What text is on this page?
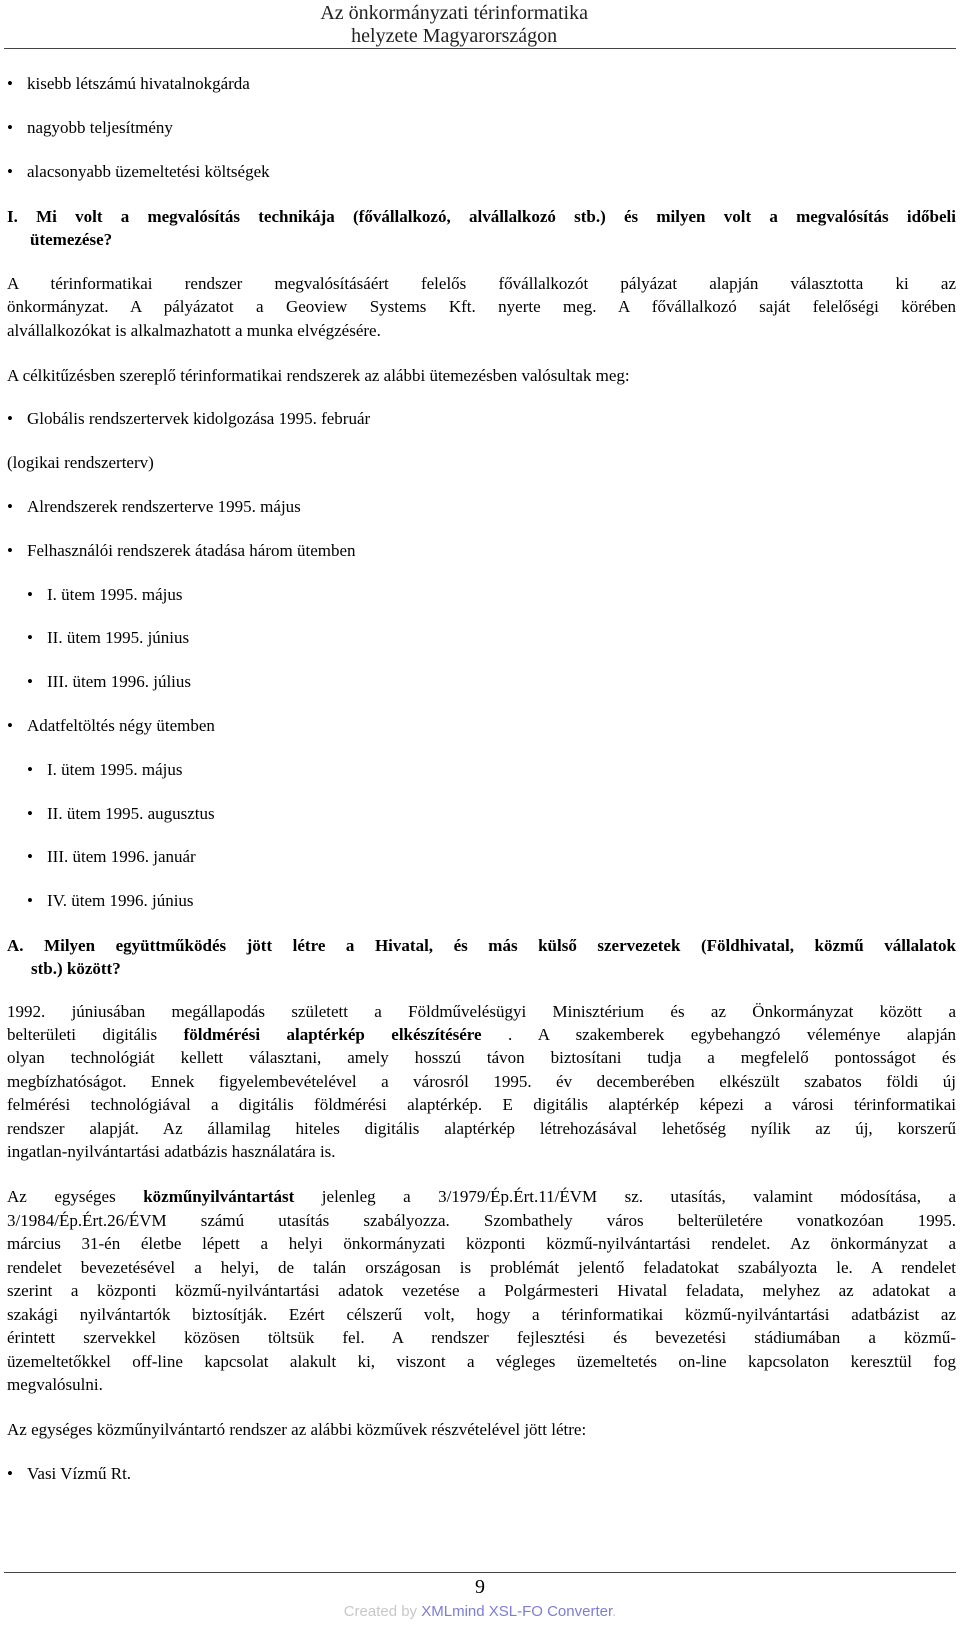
Az önkormányzati térinformatika
helyzete Magyarországon
• kisebb létszámú hivatalnokgárda
• nagyobb teljesítmény
• alacsonyabb üzemeltetési költségek
I. Mi volt a megvalósítás technikája (fővállalkozó, alvállalkozó stb.) és milyen volt a megvalósítás időbeli
ütemezése?
A térinformatikai rendszer megvalósításáért felelős fővállalkozót pályázat alapján választotta ki az
önkormányzat. A pályázatot a Geoview Systems Kft. nyerte meg. A fővállalkozó saját felelőségi körében
alvállalkozókat is alkalmazhatott a munka elvégzésére.
A célkitűzésben szereplő térinformatikai rendszerek az alábbi ütemezésben valósultak meg:
• Globális rendszertervek kidolgozása 1995. február
(logikai rendszerterv)
• Alrendszerek rendszerterve 1995. május
• Felhasználói rendszerek átadása három ütemben
• I. ütem 1995. május
• II. ütem 1995. június
• III. ütem 1996. július
• Adatfeltöltés négy ütemben
• I. ütem 1995. május
• II. ütem 1995. augusztus
• III. ütem 1996. január
• IV. ütem 1996. június
A. Milyen együttműködés jött létre a Hivatal, és más külső szervezetek (Földhivatal, közmű vállalatok
stb.) között?
1992. júniusában megállapodás született a Földművelésügyi Minisztérium és az Önkormányzat között a
belterületi digitális földmérési alaptérkép elkészítésére . A szakemberek egybehangzó véleménye alapján
olyan technológiát kellett választani, amely hosszú távon biztosítani tudja a megfelelő pontosságot és
megbízhatóságot. Ennek figyelembevételével a városról 1995. év decemberében elkészült szabatos földi új
felmérési technológiával a digitális földmérési alaptérkép. E digitális alaptérkép képezi a városi térinformatikai
rendszer alapját. Az államilag hiteles digitális alaptérkép létrehozásával lehetőség nyílik az új, korszerű
ingatlan-nyilvántartási adatbázis használatára is.
Az egységes közműnyilvántartást jelenleg a 3/1979/Ép.Ért.11/ÉVM sz. utasítás, valamint módosítása, a
3/1984/Ép.Ért.26/ÉVM számú utasítás szabályozza. Szombathely város belterületére vonatkozóan 1995.
március 31-én életbe lépett a helyi önkormányzati központi közmű-nyilvántartási rendelet. Az önkormányzat a
rendelet bevezetésével a helyi, de talán országosan is problémát jelentő feladatokat szabályozta le. A rendelet
szerint a központi közmű-nyilvántartási adatok vezetése a Polgármesteri Hivatal feladata, melyhez az adatokat a
szakági nyilvántartók biztosítják. Ezért célszerű volt, hogy a térinformatikai közmű-nyilvántartási adatbázist az
érintett szervekkel közösen töltsük fel. A rendszer fejlesztési és bevezetési stádiumában a közmű-
üzemeltetőkkel off-line kapcsolat alakult ki, viszont a végleges üzemeltetés on-line kapcsolaton keresztül fog
megvalósulni.
Az egységes közműnyilvántartó rendszer az alábbi közművek részvételével jött létre:
• Vasi Vízmű Rt.
9
Created by XMLmind XSL-FO Converter.
